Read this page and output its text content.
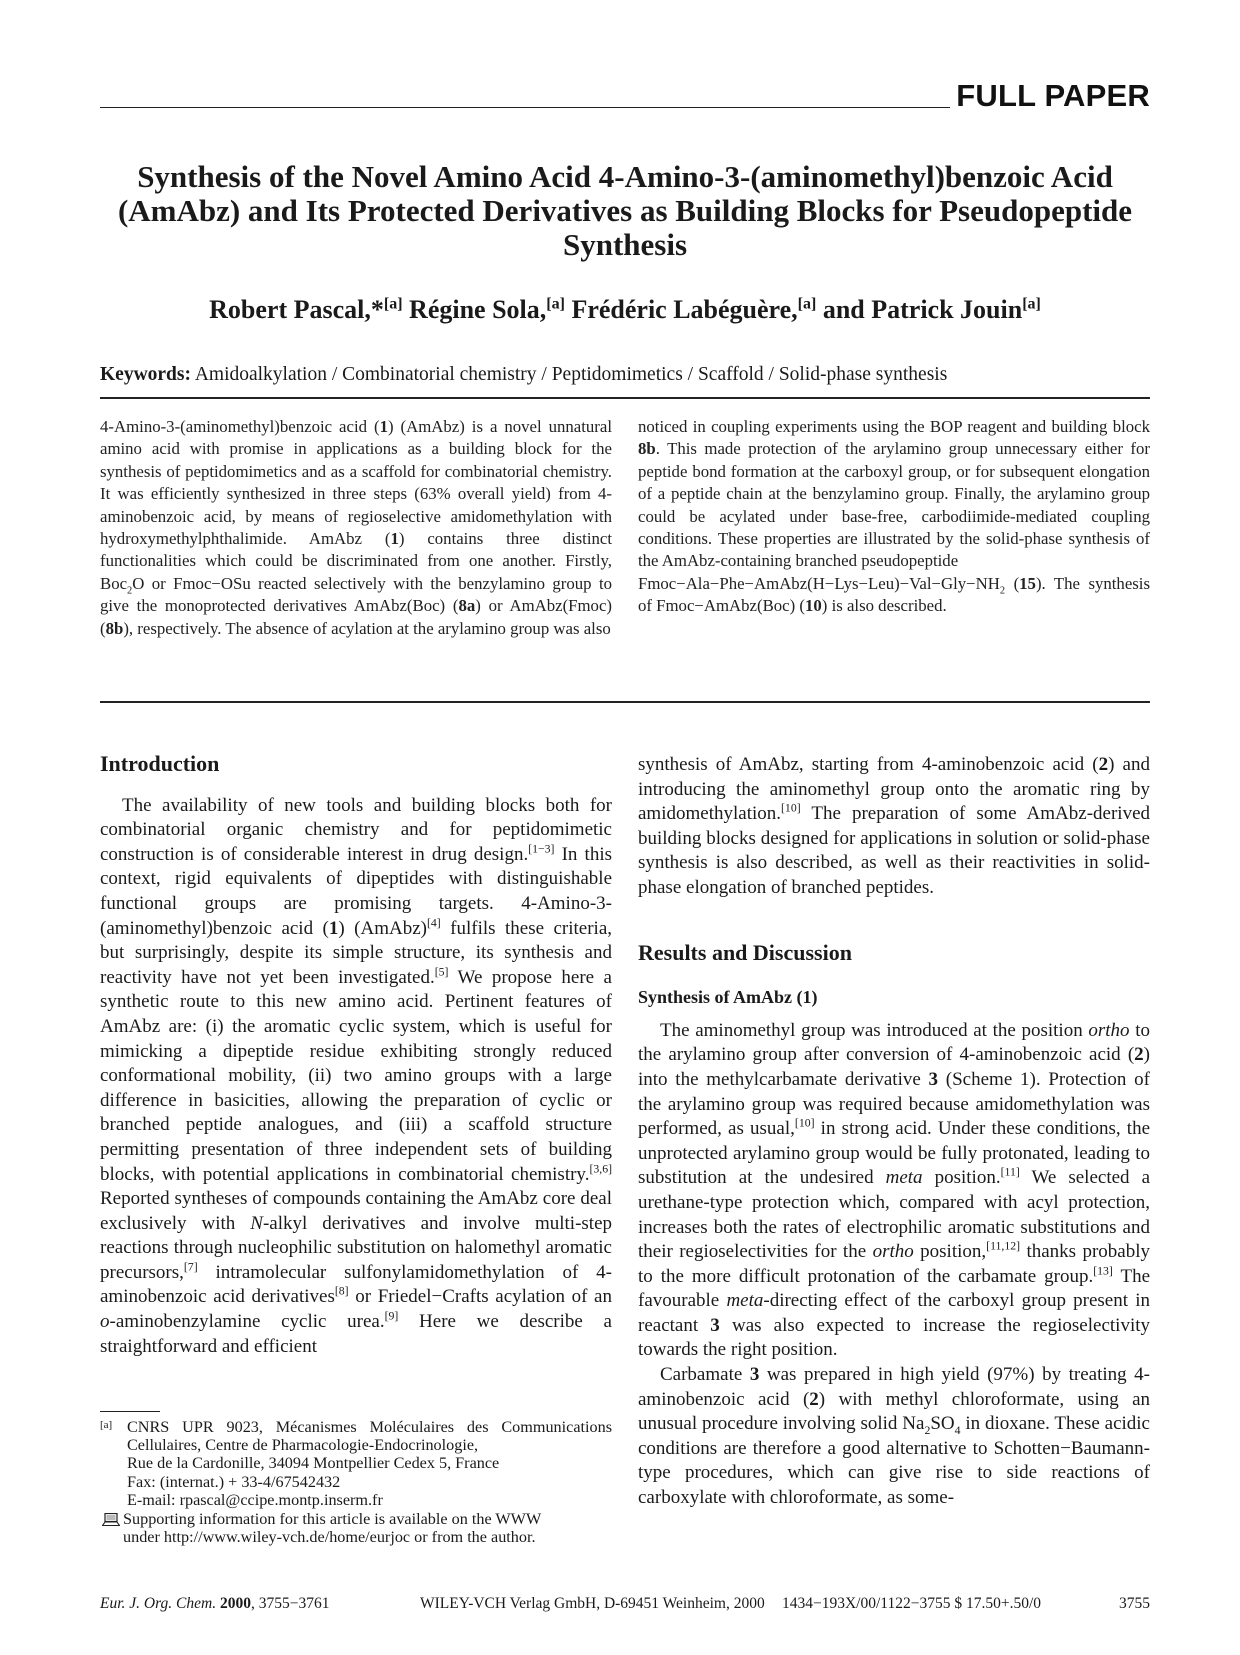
FULL PAPER
Synthesis of the Novel Amino Acid 4-Amino-3-(aminomethyl)benzoic Acid (AmAbz) and Its Protected Derivatives as Building Blocks for Pseudopeptide Synthesis
Robert Pascal,*[a] Régine Sola,[a] Frédéric Labéguère,[a] and Patrick Jouin[a]
Keywords: Amidoalkylation / Combinatorial chemistry / Peptidomimetics / Scaffold / Solid-phase synthesis

4-Amino-3-(aminomethyl)benzoic acid (1) (AmAbz) is a novel unnatural amino acid with promise in applications as a building block for the synthesis of peptidomimetics and as a scaffold for combinatorial chemistry. It was efficiently synthesized in three steps (63% overall yield) from 4-aminobenzoic acid, by means of regioselective amidomethylation with hydroxymethylphthalimide. AmAbz (1) contains three distinct functionalities which could be discriminated from one another. Firstly, Boc$_2$O or Fmoc−OSu reacted selectively with the benzylamino group to give the monoprotected derivatives AmAbz(Boc) (8a) or AmAbz(Fmoc) (8b), respectively. The absence of acylation at the arylamino group was also

noticed in coupling experiments using the BOP reagent and building block 8b. This made protection of the arylamino group unnecessary either for peptide bond formation at the carboxyl group, or for subsequent elongation of a peptide chain at the benzylamino group. Finally, the arylamino group could be acylated under base-free, carbodiimide-mediated coupling conditions. These properties are illustrated by the solid-phase synthesis of the AmAbz-containing branched pseudopeptide
$Fmoc-Ala-Phe-AmAbz(H-Lys-Leu)-Val-Gly-NH_2$ (15). The synthesis of Fmoc−AmAbz(Boc) (10) is also described.

Introduction

The availability of new tools and building blocks both for combinatorial organic chemistry and for peptidomimetic construction is of considerable interest in drug design.[1−3] In this context, rigid equivalents of dipeptides with distinguishable functional groups are promising targets. 4-Amino-3-(aminomethyl)benzoic acid (1) (AmAbz)[4] fulfils these criteria, but surprisingly, despite its simple structure, its synthesis and reactivity have not yet been investigated.[5] We propose here a synthetic route to this new amino acid. Pertinent features of AmAbz are: (i) the aromatic cyclic system, which is useful for mimicking a dipeptide residue exhibiting strongly reduced conformational mobility, (ii) two amino groups with a large difference in basicities, allowing the preparation of cyclic or branched peptide analogues, and (iii) a scaffold structure permitting presentation of three independent sets of building blocks, with potential applications in combinatorial chemistry.[3,6] Reported syntheses of compounds containing the AmAbz core deal exclusively with N-alkyl derivatives and involve multi-step reactions through nucleophilic substitution on halomethyl aromatic precursors,[7] intramolecular sulfonylamidomethylation of 4-aminobenzoic acid derivatives[8] or Friedel−Crafts acylation of an o-aminobenzylamine cyclic urea.[9] Here we describe a straightforward and efficient

synthesis of AmAbz, starting from 4-aminobenzoic acid (2) and introducing the aminomethyl group onto the aromatic ring by amidomethylation.[10] The preparation of some AmAbz-derived building blocks designed for applications in solution or solid-phase synthesis is also described, as well as their reactivities in solid-phase elongation of branched peptides.

Results and Discussion
Synthesis of AmAbz (1)

The aminomethyl group was introduced at the position ortho to the arylamino group after conversion of 4-aminobenzoic acid (2) into the methylcarbamate derivative 3 (Scheme 1). Protection of the arylamino group was required because amidomethylation was performed, as usual,[10] in strong acid. Under these conditions, the unprotected arylamino group would be fully protonated, leading to substitution at the undesired meta position.[11] We selected a urethane-type protection which, compared with acyl protection, increases both the rates of electrophilic aromatic substitutions and their regioselectivities for the ortho position,[11,12] thanks probably to the more difficult protonation of the carbamate group.[13] The favourable meta-directing effect of the carboxyl group present in reactant 3 was also expected to increase the regioselectivity towards the right position.

Carbamate 3 was prepared in high yield (97%) by treating 4-aminobenzoic acid (2) with methyl chloroformate, using an unusual procedure involving solid $Na_2SO_4$ in dioxane. These acidic conditions are therefore a good alternative to Schotten−Baumann-type procedures, which can give rise to side reactions of carboxylate with chloroformate, as some-

[a] CNRS UPR 9023, Mécanismes Moléculaires des Communications Cellulaires, Centre de Pharmacologie-Endocrinologie,
Rue de la Cardonille, 34094 Montpellier Cedex 5, France
Fax: (internat.) + 33-4/67542432
E-mail: rpascal@ccipe.montp.inserm.fr
Supporting information for this article is available on the WWW
under http://www.wiley-vch.de/home/eurjoc or from the author.
Eur. J. Org. Chem. 2000, 3755−3761	WILEY-VCH Verlag GmbH, D-69451 Weinheim, 2000 1434−193X/00/1122−3755 $ 17.50+.50/0	3755
